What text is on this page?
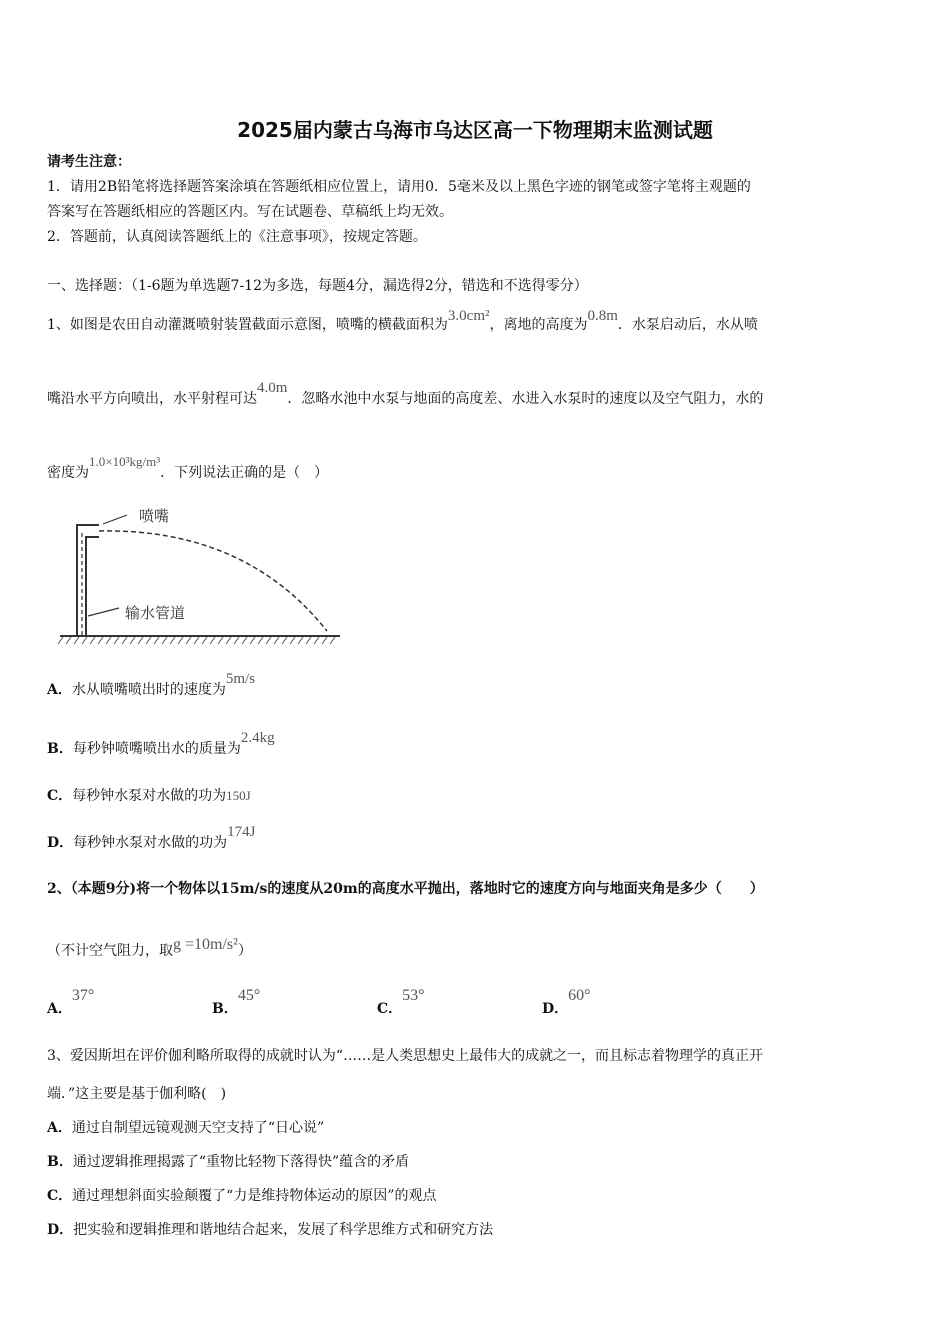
2025届内蒙古乌海市乌达区高一下物理期末监测试题
请考生注意：
1．请用2B铅笔将选择题答案涂填在答题纸相应位置上，请用0．5毫米及以上黑色字迹的钢笔或签字笔将主观题的
答案写在答题纸相应的答题区内。写在试题卷、草稿纸上均无效。
2．答题前，认真阅读答题纸上的《注意事项》，按规定答题。
一、选择题：（1-6题为单选题7-12为多选，每题4分，漏选得2分，错选和不选得零分）
1、如图是农田自动灌溉喷射装置截面示意图，喷嘴的横截面积为3.0cm²，离地的高度为0.8m．水泵启动后，水从喷
嘴沿水平方向喷出，水平射程可达4.0m．忽略水池中水泵与地面的高度差、水进入水泵时的速度以及空气阻力，水的
密度为1.0×10³kg/m³．下列说法正确的是（　）
喷嘴
输水管道
A．水从喷嘴喷出时的速度为5m/s
B．每秒钟喷嘴喷出水的质量为2.4kg
C．每秒钟水泵对水做的功为150J
D．每秒钟水泵对水做的功为174J
2、（本题9分)将一个物体以15m/s的速度从20m的高度水平抛出，落地时它的速度方向与地面夹角是多少（　　）
（不计空气阻力，取g =10m/s²）
A．37°
B．45°
C．53°
D．60°
3、爱因斯坦在评价伽利略所取得的成就时认为“……是人类思想史上最伟大的成就之一，而且标志着物理学的真正开
端．”这主要是基于伽利略(　)
A．通过自制望远镜观测天空支持了“日心说”
B．通过逻辑推理揭露了“重物比轻物下落得快”蕴含的矛盾
C．通过理想斜面实验颠覆了“力是维持物体运动的原因”的观点
D．把实验和逻辑推理和谐地结合起来，发展了科学思维方式和研究方法
